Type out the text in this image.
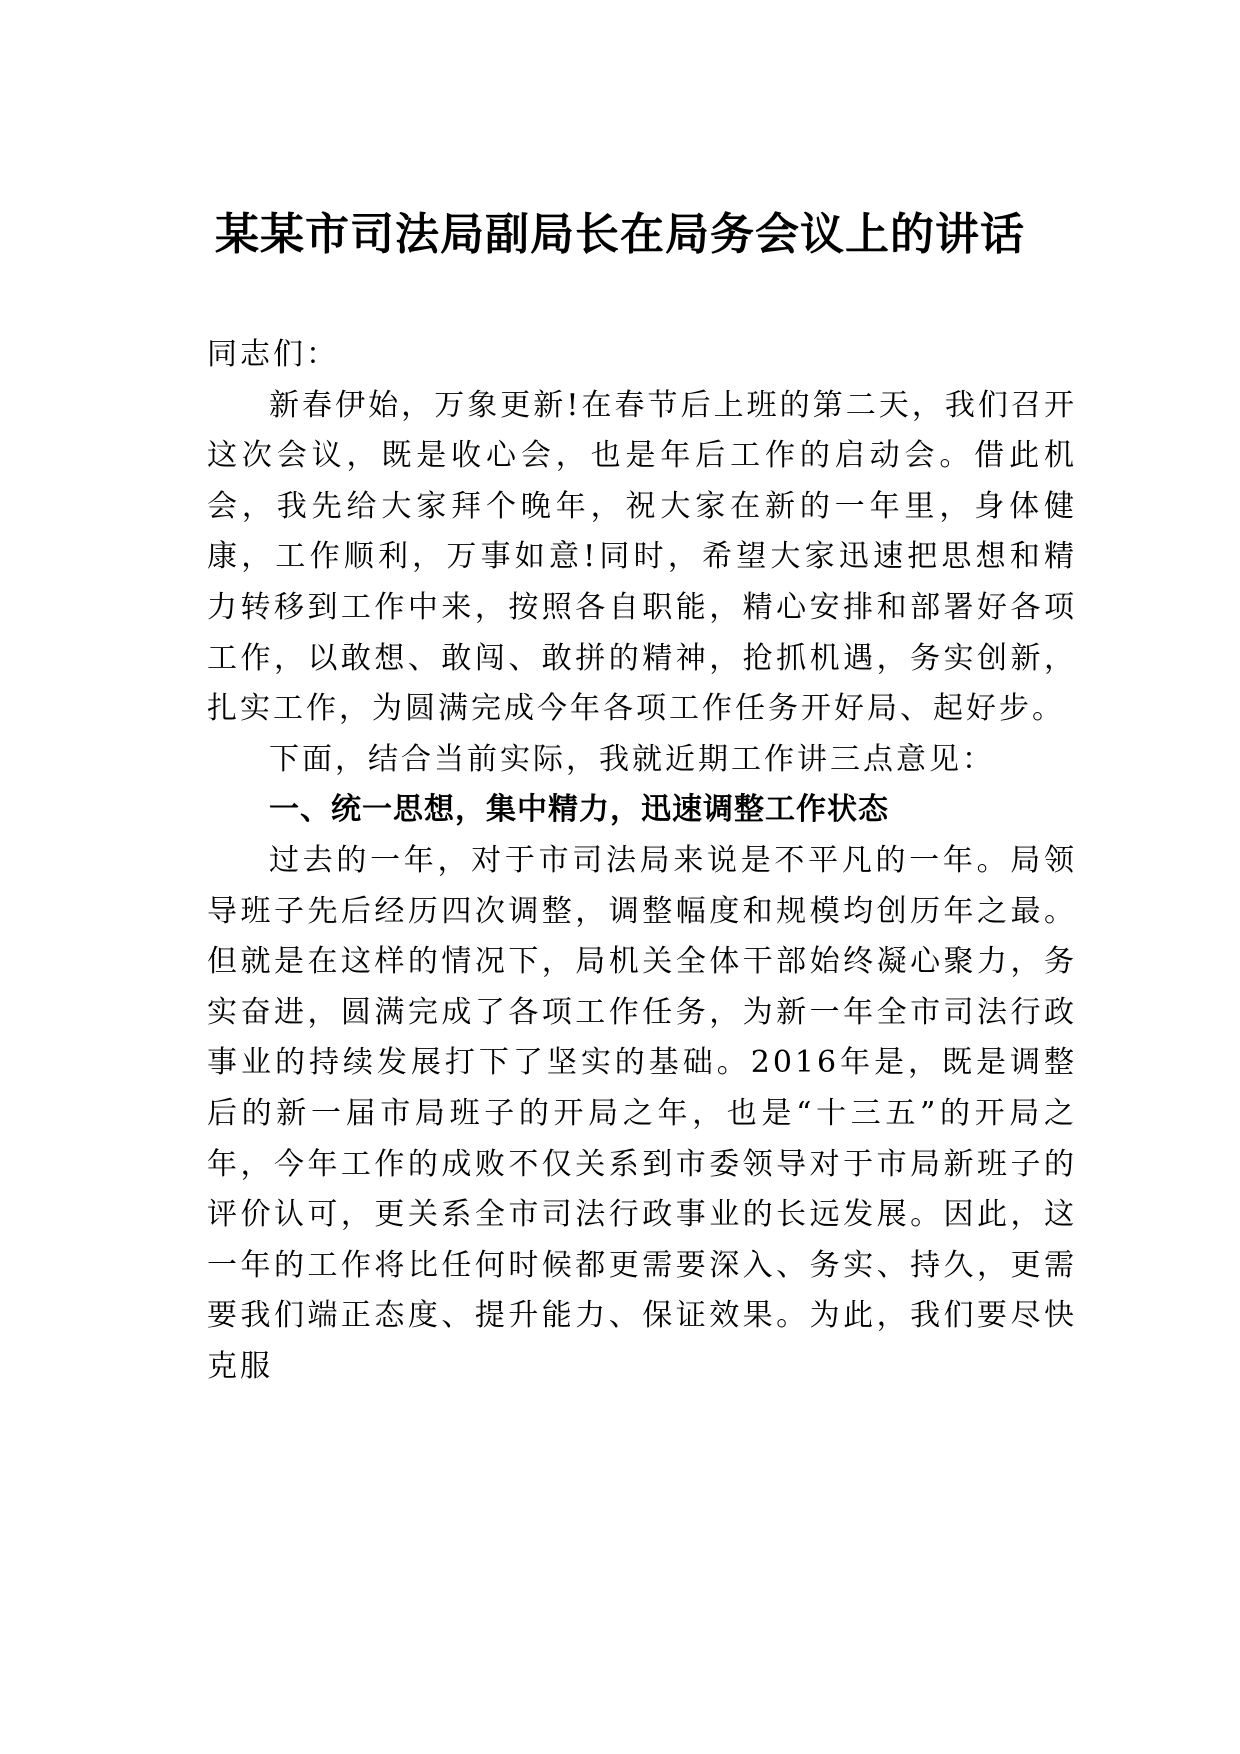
某某市司法局副局长在局务会议上的讲话

同志们：

新春伊始，万象更新!在春节后上班的第二天，我们召开这次会议，既是收心会，也是年后工作的启动会。借此机会，我先给大家拜个晚年，祝大家在新的一年里，身体健康，工作顺利，万事如意!同时，希望大家迅速把思想和精力转移到工作中来，按照各自职能，精心安排和部署好各项工作，以敢想、敢闯、敢拼的精神，抢抓机遇，务实创新，扎实工作，为圆满完成今年各项工作任务开好局、起好步。

下面，结合当前实际，我就近期工作讲三点意见：

一、统一思想，集中精力，迅速调整工作状态

过去的一年，对于市司法局来说是不平凡的一年。局领导班子先后经历四次调整，调整幅度和规模均创历年之最。但就是在这样的情况下，局机关全体干部始终凝心聚力，务实奋进，圆满完成了各项工作任务，为新一年全市司法行政事业的持续发展打下了坚实的基础。2016年是，既是调整后的新一届市局班子的开局之年，也是“十三五”的开局之年，今年工作的成败不仅关系到市委领导对于市局新班子的评价认可，更关系全市司法行政事业的长远发展。因此，这一年的工作将比任何时候都更需要深入、务实、持久，更需要我们端正态度、提升能力、保证效果。为此，我们要尽快克服
